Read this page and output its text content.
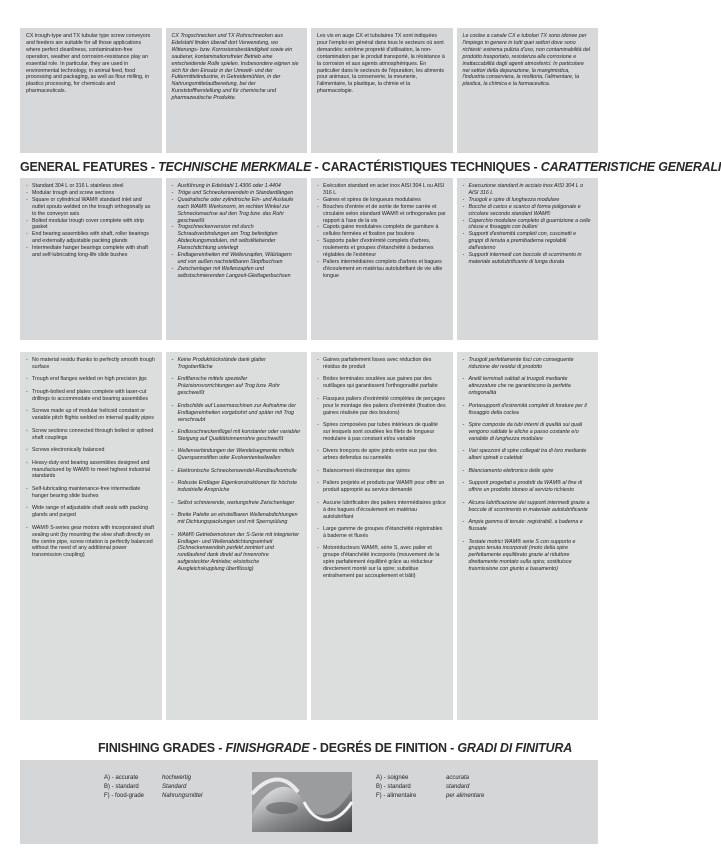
CX trough-type and TX tubular type screw conveyors and feeders are suitable for all those applications where perfect cleanliness, contamination-free operation, weather and corrosion-resistance play an essential role. In particular, they are used in environmental technology, in animal feed, food processing and packaging, as well as flour milling, in plastics processing, for chemicals and pharmaceuticals.
CX Trogschnecken und TX Rohrschnecken aus Edelstahl finden überall dort Verwendung, wo Witterungs- bzw. Korrosionsbeständigkeit sowie ein sauberer, kontaminationsfreier Betrieb eine entscheidende Rolle spielen. Insbesondere eignen sie sich für den Einsatz in der Umwelt- und der Futtermittelindustrie, in Getreidemühlen, in der Nahrungsmittelaufbereitung, bei der Kunststoffherstellung und für chemische und pharmazeutische Produkte.
Les vis en auge CX et tubulaires TX sont indiquées pour l'emploi en général dans tous le secteurs où sont demandés: extrême propreté d'utilisation, la non-contamination par le produit transporté, la résistance à la corrosion et aux agents atmosphériques. En particulier dans le secteurs de l'épuration, les aliments pour animaux, la conserverie, la meunerie, l'alimentaire, la plastique, la chimie et la pharmacologie.
Le coclee a canale CX e tubolari TX sono idonee per l'impiego in genere in tutti quei settori dove sono richiesti: estrema pulizia d'uso, non contaminabilità del prodotto trasportato, resistenza alla corrosione e inattaccabilità dagli agenti atmosferici. In particolare nei settori della depurazione, la mangimistica, l'industria conserviera, la molitoria, l'alimentare, la plastica, la chimica e la farmaceutica.
GENERAL FEATURES - TECHNISCHE MERKMALE - CARACTÉRISTIQUES TECHNIQUES - CARATTERISTICHE GENERALI
- Standard 304 L or 316 L stainless steel
- Modular trough and screw sections
- Square or cylindrical WAM® standard inlet and outlet spouts welded on the trough orthogonally as to the conveyor axis
- Bolted modular trough cover complete with strip gasket
- End bearing assemblies with shaft, roller bearings and externally adjustable packing glands
- Intermediate hanger bearings complete with shaft and self-lubricating long-life slide bushes
- Ausführung in Edelstahl 1.4306 oder 1.4404
- Tröge und Schneckenwendeln in Standardlängen
- Quadratische oder zylindrische Ein- und Auslaufe nach WAM® Werksnorm, im rechten Winkel zur Schneckenachse auf den Trog bzw. das Rohr geschweißt
- Trogschneckenversion mit durch Schraubverbindungen am Trog befestigten Abdeckungsmodulen, mit selbstklebender Flanschdichtung unterlegt
- Endlagereinheiten mit Wellenzapfen, Wälzlagern und von außen nachstellbaren Stopfbuchsen
- Zwischenlager mit Wellenzapfen und selbstschmierenden Langzeit-Gleitlagerbuchsen
- Exécution standard en acier inox AISI 304 L ou AISI 316 L
- Gaines et spires de longueurs modulaires
- Bouches d'entrée et de sortie de forme carrée et circulaire selon standard WAM® et orthogonales par rapport à l'axe de la vis
- Capots gaine modulaires complets de garniture à cellules fermées et fixation par boulons
- Supports palier d'extrémité complets d'arbres, roulements et groupes d'étanchéité à bedarnes réglables de l'extérieur
- Paliers intermédiaires complets d'arbres et bagues d'écoulement en matériau autolubrifiant de vie utile longue
- Esecuzione standard in acciaio inox AISI 304 L o AISI 316 L
- Truogoli e spire di lunghezza modulare
- Bocche di carico e scarico di forma poligonale e circolare secondo standard WAM®
- Coperchio modulare completo di guarnizione a celle chiuse e fissaggio con bulloni
- Supporti d'estremità completi con, cuscinetti e gruppi di tenuta a premibaderna regolabili dall'esterno
- Supporti intermedi con boccole di scorrimento in materiale autolubrificante di lunga durata
- No material residu thanks to perfectly smooth trough surface
- Trough end flanges welded on high precision jigs
- Trough-bolted end plates complete with laser-cut drillings to accommodate end bearing assemblies
- Screws made up of modular helicoid constant or variable pitch flights welded on internal quality pipes
- Screw sections connected through bolted or splined shaft couplings
- Screws electronically balanced
- Heavy-duty end bearing assemblies designed and manufactured by WAM® to meet highest industrial standards
- Self-lubricating maintenance-free intermediate hanger bearing slide bushes
- Wide range of adjustable shaft seals with packing glands and purged
- WAM® S-series gear motors with incorporated shaft sealing unit (by mounting the slow shaft directly on the centre pipe, screw rotation is perfectly balanced without the need of any additional power transmission coupling)
- Keine Produktrückstände dank glatter Trogoberfläche
- Endflansche mittels spezieller Präzisionsvorrichtungen auf Trog bzw. Rohr geschweißt
- Endschilde auf Lasermaschinen zur Aufnahme der Endlagereinheiten vorgebohrt und später mit Trog verschraubt
- Endlosschneckenflügel mit konstanter oder variabler Steigung auf Qualitätsinnenrohre geschweißt
- Wellenverbindungen der Wendelsegmente mittels Querspannstiften oder Evolventenkeilwellen
- Elektronische Schneckenwendel-Rundlaufkontrolle
- Robuste Endlager Eigenkonstruktionen für höchste industrielle Ansprüche
- Selbst schmierende, wartungsfreie Zwischenlager
- Breite Palette an einstellbaren Wellenabdichtungen mit Dichtungspackungen und mit Sperrspülung
- WAM® Getriebemotoren der S-Serie mit integrierter Endlager- und Wellenabdichtungseinheit (Schneckenwendeln perfekt zentriert und rundlaufend dank direkt auf Innenrohre aufgesteckter Antriebe; eksistische Ausgleichskupplung überflüssig)
- Gaines parfaitement lisses avec réduction des résidus de produit
- Brides terminales soudées aux gaines par des outillages qui garantissent l'orthogonalité parfaite
- Flasques paliers d'extrémité complètes de perçages pour le montage des paliers d'extrémité (fixation des gaines réalisée par des boulons)
- Spires composées par tubes intérieurs de qualité sur lesquels sont soudées les filets de longueur modulaire à pas constant et/ou variable
- Divers tronçons de spire joints entre eux par des arbres defendus ou cannelés
- Balancement électronique des spires
- Paliers projetés et produits par WAM® pour offrir un produit approprié au service demandé
- Aucune lubrification des paliers intermédiaires grâce à des bagues d'écoulement en matériau autolubrifiant
- Large gamme de groupes d'étanchéité régistrables à baderne et fluxés
- Motoréducteurs WAM®, série S, avec palier et groupe d'étanchéité incorporés (mouvement de la spire parfaitement équilibré grâce au réducteur directement monté sur la spire; substitue entraînement par accouplement et bâti)
- Truogoli perfettamente lisci con conseguente riduzione dei residui di prodotto
- Anelli terminali saldati ai truogoli mediante attrezzature che ne garantiscono la perfetta ortogonalità
- Portasupporti d'estremità completi di forature per il fissaggio della coclea
- Spire composte da tubi interni di qualità sui quali vengono saldate le eliche a passo costante e/o variabile di lunghezza modulare
- Vari spezzoni di spire collegati tra di loro mediante alberi spinati o calettati
- Bilanciamento elettronico delle spire
- Supporti progettati e prodotti da WAM® al fine di offrire un prodotto idoneo al servizio richiesto
- Alcuna lubrificazione dei supporti intermedi grazie a boccole di scorrimento in materiale autolubrificante
- Ampia gamma di tenute: registrabili, a baderna e flussate
- Testate motrici WAM® serie S con supporto e gruppo tenuta incorporati (moto della spire perfettamente equilibrato grazie al riduttore direttamente montato sulla spira; sostituisce trasmissione con giunto e basamento)
FINISHING GRADES - FINISHGRADE - DEGRÉS DE FINITION - GRADI DI FINITURA
A) - accurate	hochwertig
B) - standard	Standard
F) - food-grade	Nahrungsmittel
A) - soignée	accurata
B) - standard	standard
F) - alimentaire	per alimentare
